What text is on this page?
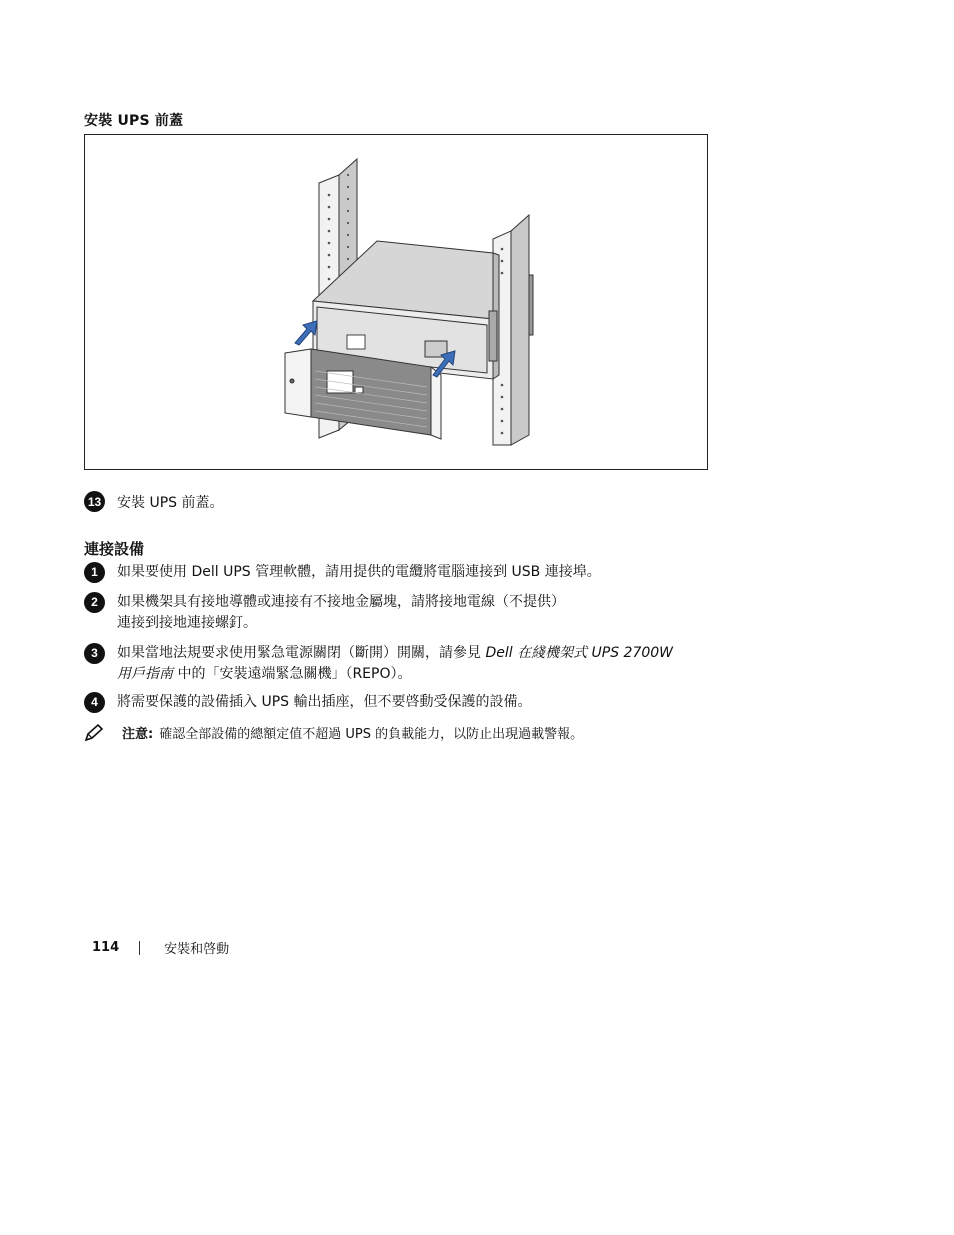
安裝 UPS 前蓋
13 安裝 UPS 前蓋。
連接設備
1	如果要使用 Dell UPS 管理軟體，請用提供的電纜將電腦連接到 USB 連接埠。
2	如果機架具有接地導體或連接有不接地金屬塊，請將接地電線（不提供）
連接到接地連接螺釘。
3	如果當地法規要求使用緊急電源關閉（斷開）開關，請參見 Dell 在綫機架式 UPS 2700W
用戶指南 中的「安裝遠端緊急關機」（REPO）。
4	將需要保護的設備插入 UPS 輸出插座，但不要啓動受保護的設備。
注意: 確認全部設備的總額定值不超過 UPS 的負載能力，以防止出現過載警報。
114	安裝和啓動
